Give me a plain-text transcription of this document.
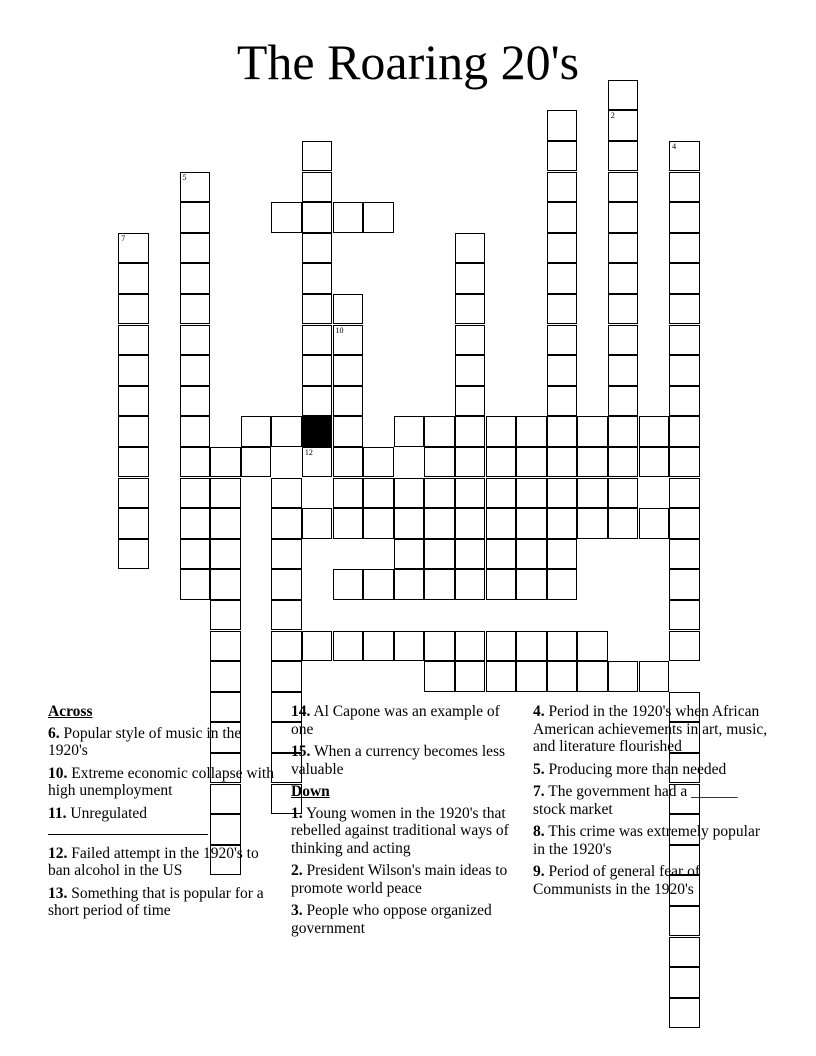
The Roaring 20's
12
4
7
5
10
2
Across
6. Popular style of music in the 1920's
10. Extreme economic collapse with high unemployment
11. Unregulated

12. Failed attempt in the 1920's to ban alcohol in the US
13. Something that is popular for a short period of time
14. Al Capone was an example of one
15. When a currency becomes less valuable
Down
1. Young women in the 1920's that rebelled against traditional ways of thinking and acting
2. President Wilson's main ideas to promote world peace
3. People who oppose organized government
4. Period in the 1920's when African American achievements in art, music, and literature flourished
5. Producing more than needed
7. The government had a ______ stock market
8. This crime was extremely popular in the 1920's
9. Period of general fear of Communists in the 1920's
